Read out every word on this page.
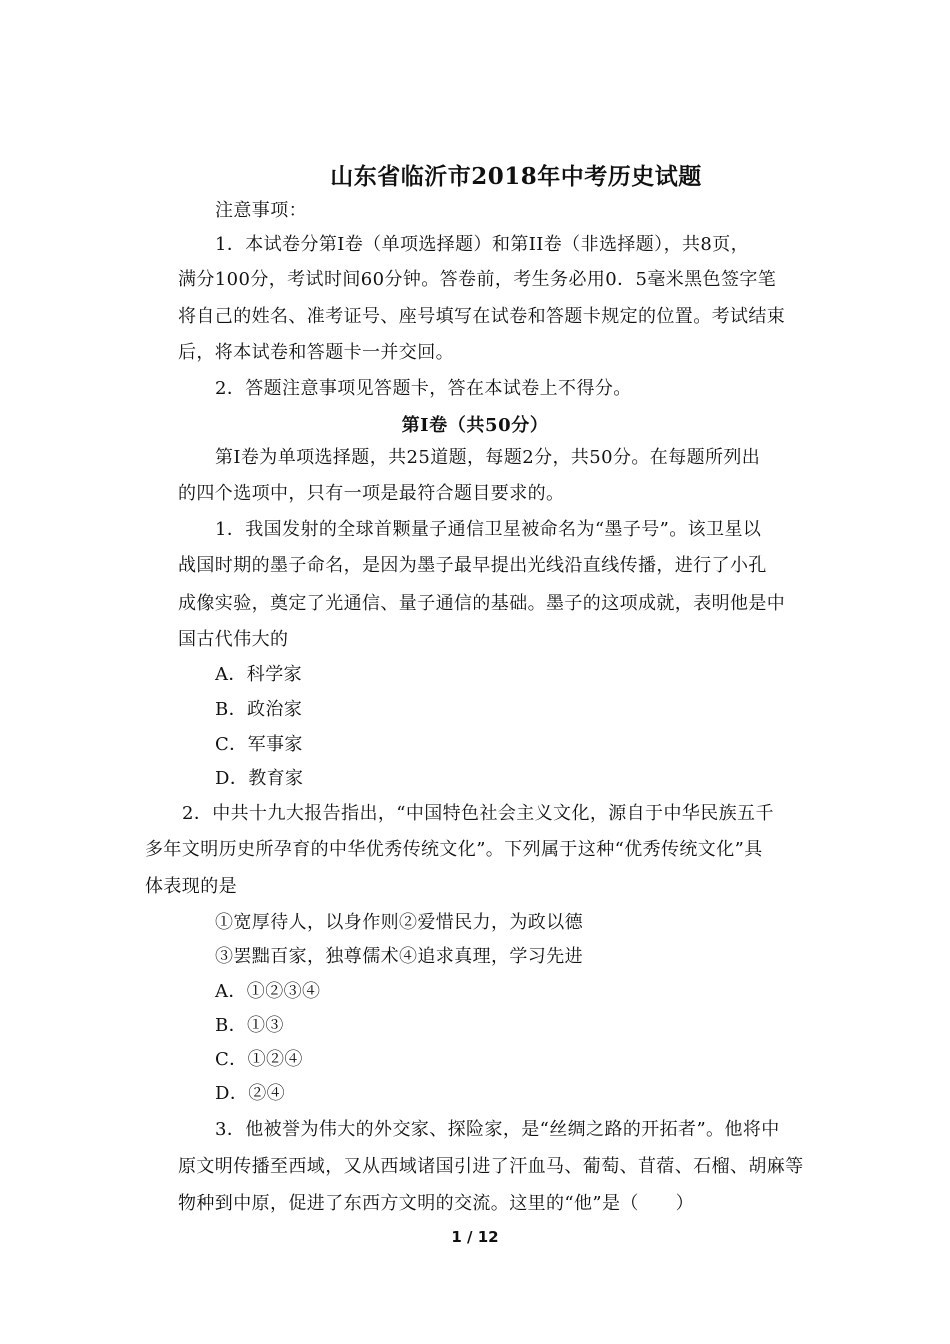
山东省临沂市2018年中考历史试题
注意事项：
1．本试卷分第Ⅰ卷（单项选择题）和第II卷（非选择题），共8页，
满分100分，考试时间60分钟。答卷前，考生务必用0．5毫米黑色签字笔
将自己的姓名、准考证号、座号填写在试卷和答题卡规定的位置。考试结束
后，将本试卷和答题卡一并交回。
2．答题注意事项见答题卡，答在本试卷上不得分。
第Ⅰ卷（共50分）
第Ⅰ卷为单项选择题，共25道题，每题2分，共50分。在每题所列出
的四个选项中，只有一项是最符合题目要求的。
1．我国发射的全球首颗量子通信卫星被命名为“墨子号”。该卫星以
战国时期的墨子命名，是因为墨子最早提出光线沿直线传播，进行了小孔
成像实验，奠定了光通信、量子通信的基础。墨子的这项成就，表明他是中
国古代伟大的
A．科学家
B．政治家
C．军事家
D．教育家
2．中共十九大报告指出，“中国特色社会主义文化，源自于中华民族五千
多年文明历史所孕育的中华优秀传统文化”。下列属于这种“优秀传统文化”具
体表现的是
①宽厚待人，以身作则②爱惜民力，为政以德
③罢黜百家，独尊儒术④追求真理，学习先进
A．①②③④
B．①③
C．①②④
D．②④
3．他被誉为伟大的外交家、探险家，是“丝绸之路的开拓者”。他将中
原文明传播至西域，又从西域诸国引进了汗血马、葡萄、苜蓿、石榴、胡麻等
物种到中原，促进了东西方文明的交流。这里的“他”是（　　）
1 / 12
